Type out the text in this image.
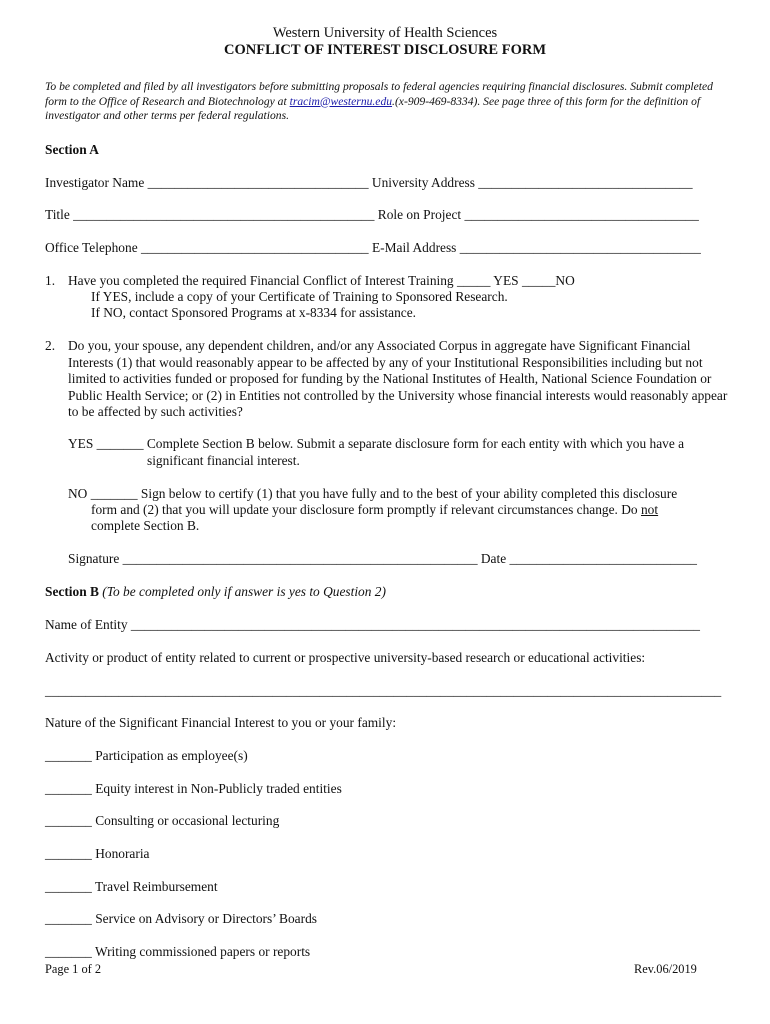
Western University of Health Sciences
CONFLICT OF INTEREST DISCLOSURE FORM
To be completed and filed by all investigators before submitting proposals to federal agencies requiring financial disclosures. Submit completed form to the Office of Research and Biotechnology at tracim@westernu.edu.(x-909-469-8334). See page three of this form for the definition of investigator and other terms per federal regulations.
Section A
Investigator Name _________________________________ University Address ________________________________
Title _____________________________________________ Role on Project ___________________________________
Office Telephone __________________________________ E-Mail Address ____________________________________
1. Have you completed the required Financial Conflict of Interest Training _____ YES _____NO
If YES, include a copy of your Certificate of Training to Sponsored Research.
If NO, contact Sponsored Programs at x-8334 for assistance.
2. Do you, your spouse, any dependent children, and/or any Associated Corpus in aggregate have Significant Financial Interests (1) that would reasonably appear to be affected by any of your Institutional Responsibilities including but not limited to activities funded or proposed for funding by the National Institutes of Health, National Science Foundation or Public Health Service; or (2) in Entities not controlled by the University whose financial interests would reasonably appear to be affected by such activities?
YES _______ Complete Section B below. Submit a separate disclosure form for each entity with which you have a
significant financial interest.
NO _______ Sign below to certify (1) that you have fully and to the best of your ability completed this disclosure
form and (2) that you will update your disclosure form promptly if relevant circumstances change. Do not
complete Section B.
Signature _____________________________________________________ Date ____________________________
Section B (To be completed only if answer is yes to Question 2)
Name of Entity _____________________________________________________________________________________
Activity or product of entity related to current or prospective university-based research or educational activities:
_____________________________________________________________________________________________________
Nature of the Significant Financial Interest to you or your family:
_______ Participation as employee(s)
_______ Equity interest in Non-Publicly traded entities
_______ Consulting or occasional lecturing
_______ Honoraria
_______ Travel Reimbursement
_______ Service on Advisory or Directors’ Boards
_______ Writing commissioned papers or reports
Page 1 of 2	Rev.06/2019
